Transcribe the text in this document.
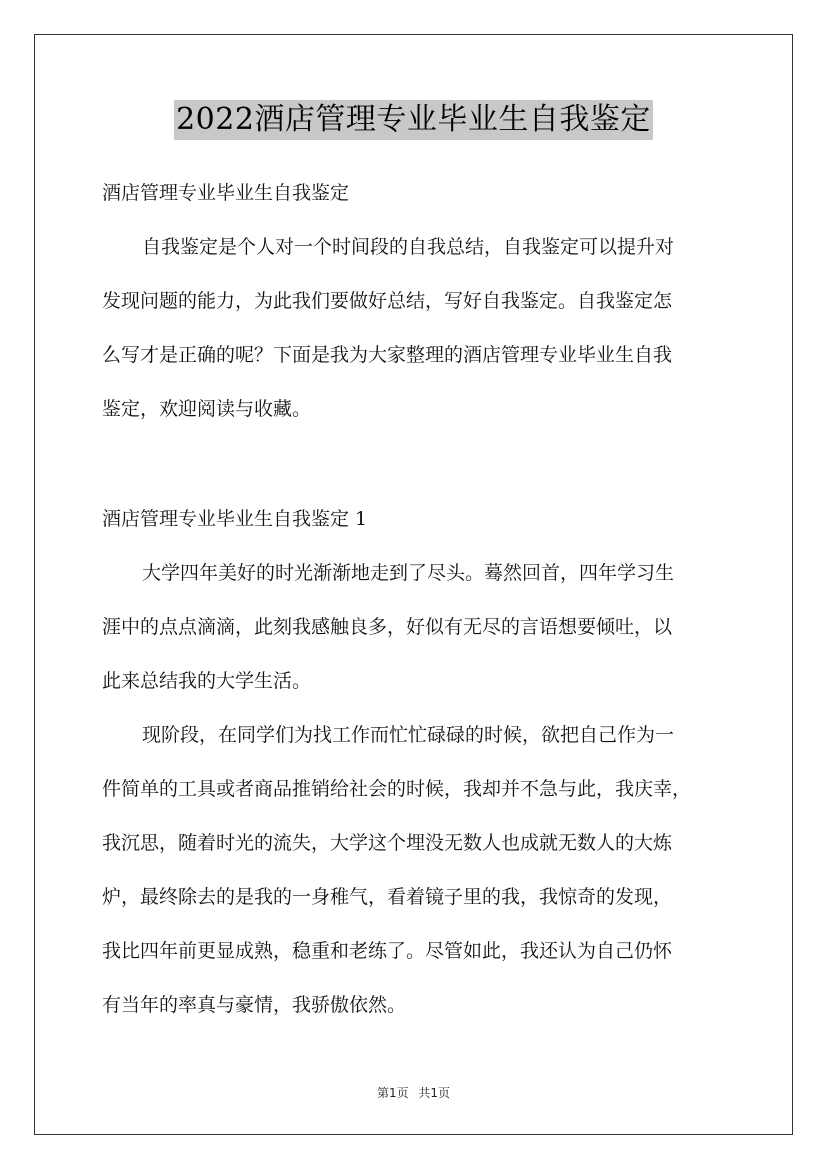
2022酒店管理专业毕业生自我鉴定
酒店管理专业毕业生自我鉴定
自我鉴定是个人对一个时间段的自我总结，自我鉴定可以提升对
发现问题的能力，为此我们要做好总结，写好自我鉴定。自我鉴定怎
么写才是正确的呢？下面是我为大家整理的酒店管理专业毕业生自我
鉴定，欢迎阅读与收藏。
酒店管理专业毕业生自我鉴定 1
大学四年美好的时光渐渐地走到了尽头。蓦然回首，四年学习生
涯中的点点滴滴，此刻我感触良多，好似有无尽的言语想要倾吐，以
此来总结我的大学生活。
现阶段，在同学们为找工作而忙忙碌碌的时候，欲把自己作为一
件简单的工具或者商品推销给社会的时候，我却并不急与此，我庆幸，
我沉思，随着时光的流失，大学这个埋没无数人也成就无数人的大炼
炉，最终除去的是我的一身稚气，看着镜子里的我，我惊奇的发现，
我比四年前更显成熟，稳重和老练了。尽管如此，我还认为自己仍怀
有当年的率真与豪情，我骄傲依然。
第1页 共1页
